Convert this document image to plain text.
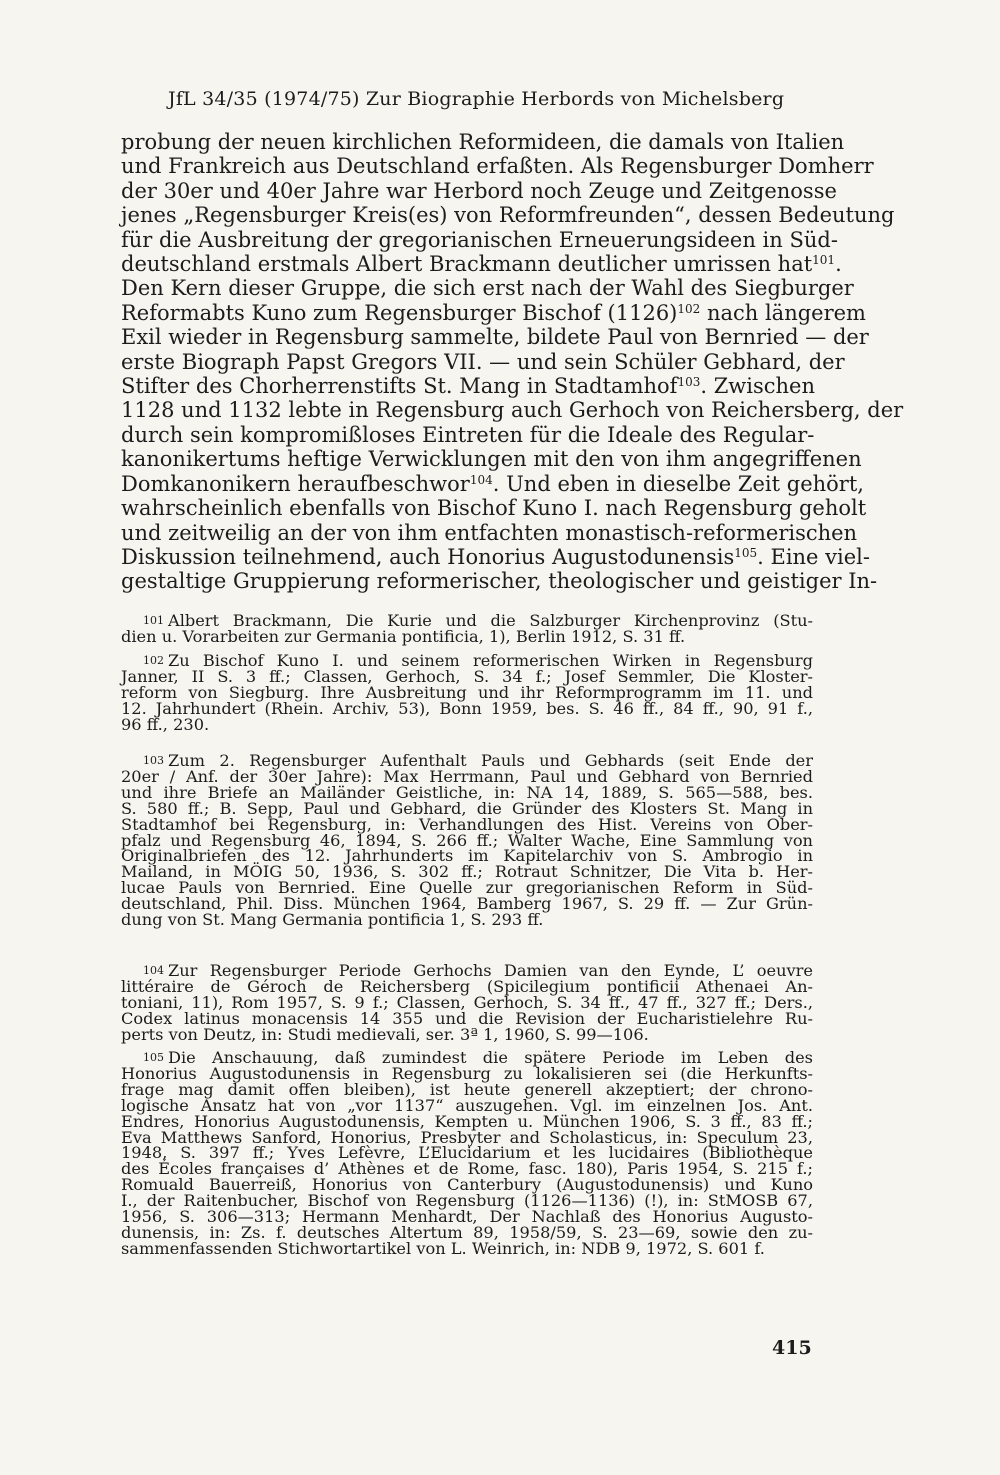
JfL 34/35 (1974/75) Zur Biographie Herbords von Michelsberg
probung der neuen kirchlichen Reformideen, die damals von Italien
und Frankreich aus Deutschland erfaßten. Als Regensburger Domherr
der 30er und 40er Jahre war Herbord noch Zeuge und Zeitgenosse
jenes „Regensburger Kreis(es) von Reformfreunden“, dessen Bedeutung
für die Ausbreitung der gregorianischen Erneuerungsideen in Süd-
deutschland erstmals Albert Brackmann deutlicher umrissen hat$^{101}$.
Den Kern dieser Gruppe, die sich erst nach der Wahl des Siegburger
Reformabts Kuno zum Regensburger Bischof (1126)$^{102}$ nach längerem
Exil wieder in Regensburg sammelte, bildete Paul von Bernried — der
erste Biograph Papst Gregors VII. — und sein Schüler Gebhard, der
Stifter des Chorherrenstifts St. Mang in Stadtamhof$^{103}$. Zwischen
1128 und 1132 lebte in Regensburg auch Gerhoch von Reichersberg, der
durch sein kompromißloses Eintreten für die Ideale des Regular-
kanonikertums heftige Verwicklungen mit den von ihm angegriffenen
Domkanonikern heraufbeschwor$^{104}$. Und eben in dieselbe Zeit gehört,
wahrscheinlich ebenfalls von Bischof Kuno I. nach Regensburg geholt
und zeitweilig an der von ihm entfachten monastisch-reformerischen
Diskussion teilnehmend, auch Honorius Augustodunensis$^{105}$. Eine viel-
gestaltige Gruppierung reformerischer, theologischer und geistiger In-
$^{101}$ Albert Brackmann, Die Kurie und die Salzburger Kirchenprovinz (Stu-
dien u. Vorarbeiten zur Germania pontificia, 1), Berlin 1912, S. 31 ff.
$^{102}$ Zu Bischof Kuno I. und seinem reformerischen Wirken in Regensburg
Janner, II S. 3 ff.; Classen, Gerhoch, S. 34 f.; Josef Semmler, Die Kloster-
reform von Siegburg. Ihre Ausbreitung und ihr Reformprogramm im 11. und
12. Jahrhundert (Rhein. Archiv, 53), Bonn 1959, bes. S. 46 ff., 84 ff., 90, 91 f.,
96 ff., 230.
$^{103}$ Zum 2. Regensburger Aufenthalt Pauls und Gebhards (seit Ende der
20er / Anf. der 30er Jahre): Max Herrmann, Paul und Gebhard von Bernried
und ihre Briefe an Mailänder Geistliche, in: NA 14, 1889, S. 565—588, bes.
S. 580 ff.; B. Sepp, Paul und Gebhard, die Gründer des Klosters St. Mang in
Stadtamhof bei Regensburg, in: Verhandlungen des Hist. Vereins von Ober-
pfalz und Regensburg 46, 1894, S. 266 ff.; Walter Wache, Eine Sammlung von
Originalbriefen des 12. Jahrhunderts im Kapitelarchiv von S. Ambrogio in
Mailand, in MÖIG 50, 1936, S. 302 ff.; Rotraut Schnitzer, Die Vita b. Her-
lucae Pauls von Bernried. Eine Quelle zur gregorianischen Reform in Süd-
deutschland, Phil. Diss. München 1964, Bamberg 1967, S. 29 ff. — Zur Grün-
dung von St. Mang Germania pontificia 1, S. 293 ff.
$^{104}$ Zur Regensburger Periode Gerhochs Damien van den Eynde, L’ oeuvre
littéraire de Géroch de Reichersberg (Spicilegium pontificii Athenaei An-
toniani, 11), Rom 1957, S. 9 f.; Classen, Gerhoch, S. 34 ff., 47 ff., 327 ff.; Ders.,
Codex latinus monacensis 14 355 und die Revision der Eucharistielehre Ru-
perts von Deutz, in: Studi medievali, ser. 3ª 1, 1960, S. 99—106.
$^{105}$ Die Anschauung, daß zumindest die spätere Periode im Leben des
Honorius Augustodunensis in Regensburg zu lokalisieren sei (die Herkunfts-
frage mag damit offen bleiben), ist heute generell akzeptiert; der chrono-
logische Ansatz hat von „vor 1137“ auszugehen. Vgl. im einzelnen Jos. Ant.
Endres, Honorius Augustodunensis, Kempten u. München 1906, S. 3 ff., 83 ff.;
Eva Matthews Sanford, Honorius, Presbyter and Scholasticus, in: Speculum 23,
1948, S. 397 ff.; Yves Lefèvre, L’Elucidarium et les lucidaires (Bibliothèque
des Écoles françaises d’ Athènes et de Rome, fasc. 180), Paris 1954, S. 215 f.;
Romuald Bauerreiß, Honorius von Canterbury (Augustodunensis) und Kuno
I., der Raitenbucher, Bischof von Regensburg (1126—1136) (!), in: StMOSB 67,
1956, S. 306—313; Hermann Menhardt, Der Nachlaß des Honorius Augusto-
dunensis, in: Zs. f. deutsches Altertum 89, 1958/59, S. 23—69, sowie den zu-
sammenfassenden Stichwortartikel von L. Weinrich, in: NDB 9, 1972, S. 601 f.
415
